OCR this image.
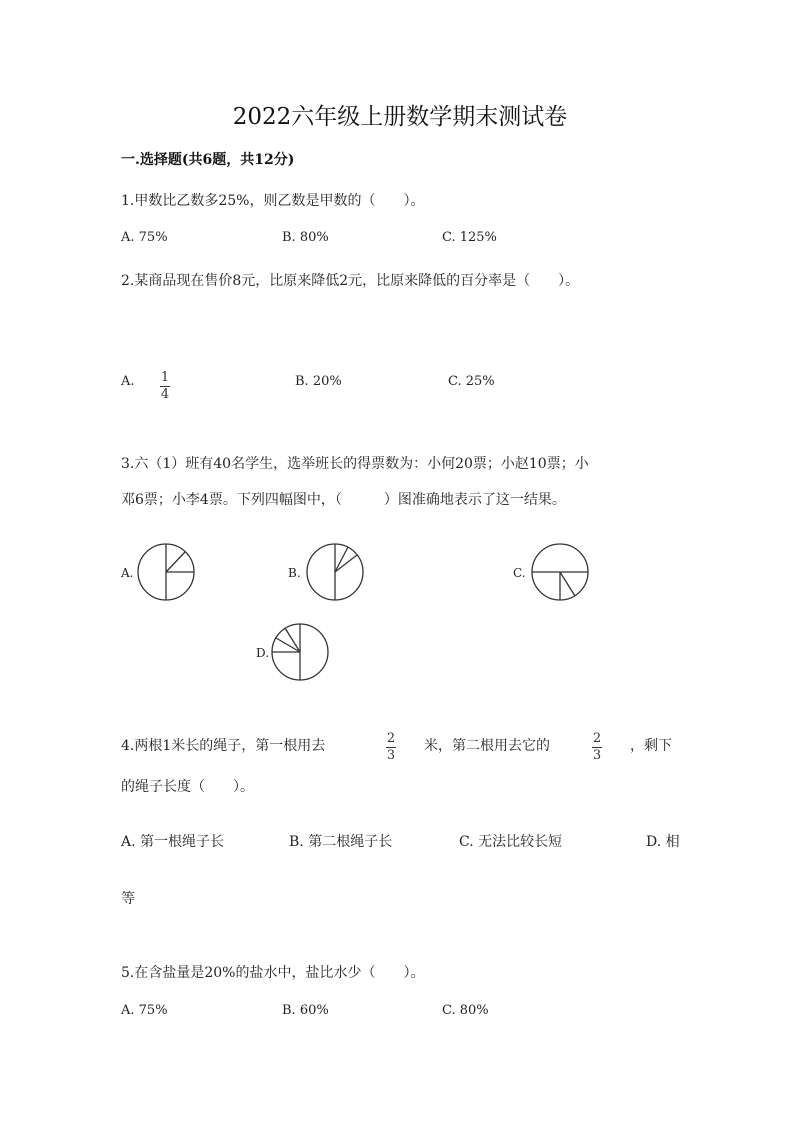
2022六年级上册数学期末测试卷
一.选择题(共6题，共12分)
1.甲数比乙数多25%，则乙数是甲数的（　　）。
A. 75%	B. 80%	C. 125%
2.某商品现在售价8元，比原来降低2元，比原来降低的百分率是（　　）。
A. $\frac{1}{4}$	B. 20%	C. 25%
3.六（1）班有40名学生，选举班长的得票数为：小何20票；小赵10票；小
邓6票；小李4票。下列四幅图中，（　　　）图准确地表示了这一结果。
A.	B.	C.
D.
4.两根1米长的绳子，第一根用去	$\frac{2}{3}$ 米，第二根用去它的	$\frac{2}{3}$ ，剩下
的绳子长度（　　）。
A. 第一根绳子长	B. 第二根绳子长	C. 无法比较长短	D. 相
等
5.在含盐量是20%的盐水中，盐比水少（　　）。
A. 75%	B. 60%	C. 80%
